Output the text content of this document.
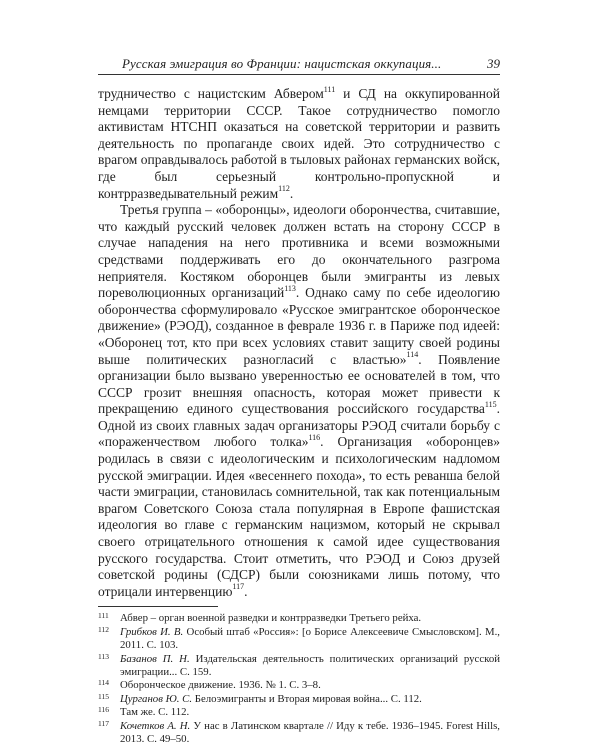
Русская эмиграция во Франции: нацистская оккупация...	39

трудничество с нацистским Абвером$^{111}$ и СД на оккупированной немцами территории СССР. Такое сотрудничество помогло активистам НТСНП оказаться на советской территории и развить деятельность по пропаганде своих идей. Это сотрудничество с врагом оправдывалось работой в тыловых районах германских войск, где был серьезный контрольно-пропускной и контрразведывательный режим$^{112}$.

Третья группа – «оборонцы», идеологи оборончества, считавшие, что каждый русский человек должен встать на сторону СССР в случае нападения на него противника и всеми возможными средствами поддерживать его до окончательного разгрома неприятеля. Костяком оборонцев были эмигранты из левых пореволюционных организаций$^{113}$. Однако саму по себе идеологию оборончества сформулировало «Русское эмигрантское оборонческое движение» (РЭОД), созданное в феврале 1936 г. в Париже под идеей: «Оборонец тот, кто при всех условиях ставит защиту своей родины выше политических разногласий с властью»$^{114}$. Появление организации было вызвано уверенностью ее основателей в том, что СССР грозит внешняя опасность, которая может привести к прекращению единого существования российского государства$^{115}$. Одной из своих главных задач организаторы РЭОД считали борьбу с «пораженчеством любого толка»$^{116}$. Организация «оборонцев» родилась в связи с идеологическим и психологическим надломом русской эмиграции. Идея «весеннего похода», то есть реванша белой части эмиграции, становилась сомнительной, так как потенциальным врагом Советского Союза стала популярная в Европе фашистская идеология во главе с германским нацизмом, который не скрывал своего отрицательного отношения к самой идее существования русского государства. Стоит отметить, что РЭОД и Союз друзей советской родины (СДСР) были союзниками лишь потому, что отрицали интервенцию$^{117}$.

111 Абвер – орган военной разведки и контрразведки Третьего рейха.
112 Грибков И. В. Особый штаб «Россия»: [о Борисе Алексеевиче Смысловском]. М., 2011. С. 103.
113 Базанов П. Н. Издательская деятельность политических организаций русской эмиграции... С. 159.
114 Оборонческое движение. 1936. № 1. С. 3–8.
115 Цурганов Ю. С. Белоэмигранты и Вторая мировая война... С. 112.
116 Там же. С. 112.
117 Кочетков А. Н. У нас в Латинском квартале // Иду к тебе. 1936–1945. Forest Hills, 2013. С. 49–50.
